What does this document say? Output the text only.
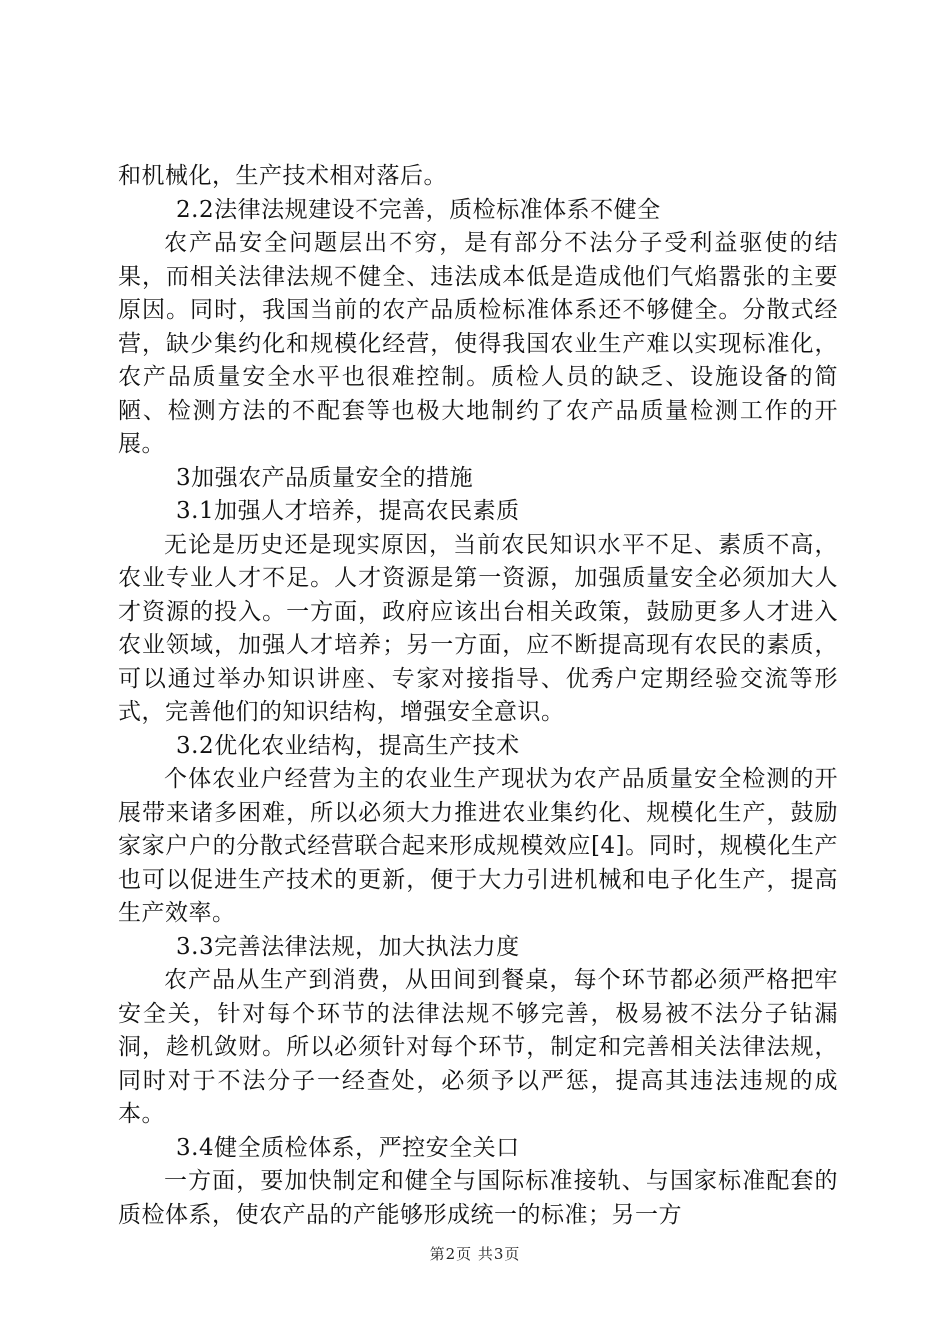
和机械化，生产技术相对落后。

2.2法律法规建设不完善，质检标准体系不健全

农产品安全问题层出不穷，是有部分不法分子受利益驱使的结果，而相关法律法规不健全、违法成本低是造成他们气焰嚣张的主要原因。同时，我国当前的农产品质检标准体系还不够健全。分散式经营，缺少集约化和规模化经营，使得我国农业生产难以实现标准化，农产品质量安全水平也很难控制。质检人员的缺乏、设施设备的简陋、检测方法的不配套等也极大地制约了农产品质量检测工作的开展。

3加强农产品质量安全的措施

3.1加强人才培养，提高农民素质

无论是历史还是现实原因，当前农民知识水平不足、素质不高，农业专业人才不足。人才资源是第一资源，加强质量安全必须加大人才资源的投入。一方面，政府应该出台相关政策，鼓励更多人才进入农业领域，加强人才培养；另一方面，应不断提高现有农民的素质，可以通过举办知识讲座、专家对接指导、优秀户定期经验交流等形式，完善他们的知识结构，增强安全意识。

3.2优化农业结构，提高生产技术

个体农业户经营为主的农业生产现状为农产品质量安全检测的开展带来诸多困难，所以必须大力推进农业集约化、规模化生产，鼓励家家户户的分散式经营联合起来形成规模效应[4]。同时，规模化生产也可以促进生产技术的更新，便于大力引进机械和电子化生产，提高生产效率。

3.3完善法律法规，加大执法力度

农产品从生产到消费，从田间到餐桌，每个环节都必须严格把牢安全关，针对每个环节的法律法规不够完善，极易被不法分子钻漏洞，趁机敛财。所以必须针对每个环节，制定和完善相关法律法规，同时对于不法分子一经查处，必须予以严惩，提高其违法违规的成本。

3.4健全质检体系，严控安全关口

一方面，要加快制定和健全与国际标准接轨、与国家标准配套的质检体系，使农产品的产能够形成统一的标准；另一方

第2页 共3页
